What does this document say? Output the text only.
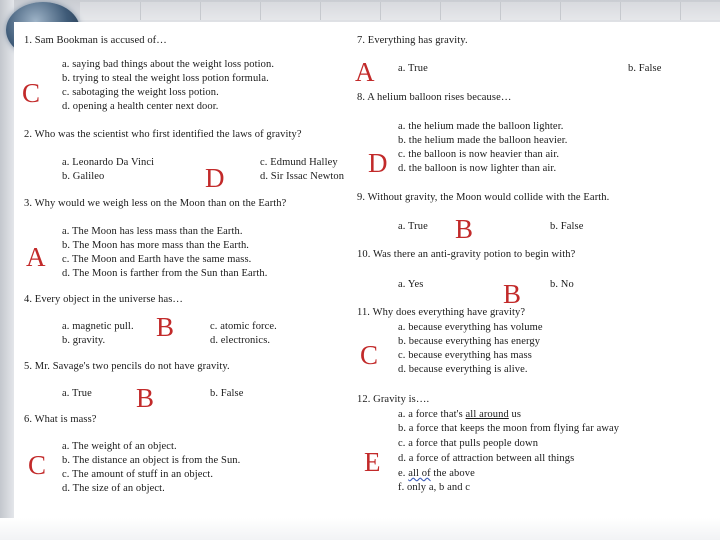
1. Sam Bookman is accused of…
a. saying bad things about the weight loss potion.
b. trying to steal the weight loss potion formula.
c. sabotaging the weight loss potion.
d. opening a health center next door.
C
2. Who was the scientist who first identified the laws of gravity?
a. Leonardo Da Vinci
b. Galileo
c. Edmund Halley
d. Sir Issac Newton
D
3. Why would we weigh less on the Moon than on the Earth?
a. The Moon has less mass than the Earth.
b. The Moon has more mass than the Earth.
c. The Moon and Earth have the same mass.
d. The Moon is farther from the Sun than Earth.
A
4. Every object in the universe has…
a. magnetic pull.
b. gravity.
c. atomic force.
d. electronics.
B
5. Mr. Savage's two pencils do not have gravity.
a. True	b. False
B
6. What is mass?
a. The weight of an object.
b. The distance an object is from the Sun.
c. The amount of stuff in an object.
d. The size of an object.
C
7. Everything has gravity.
a. True	b. False
A
8. A helium balloon rises because…
a. the helium made the balloon lighter.
b. the helium made the balloon heavier.
c. the balloon is now heavier than air.
d. the balloon is now lighter than air.
D
9. Without gravity, the Moon would collide with the Earth.
a. True	b. False
B
10. Was there an anti-gravity potion to begin with?
a. Yes	b. No
B
11. Why does everything have gravity?
a. because everything has volume
b. because everything has energy
c. because everything has mass
d. because everything is alive.
C
12. Gravity is….
a. a force that's all around us
b. a force that keeps the moon from flying far away
c. a force that pulls people down
d. a force of attraction between all things
e. all of the above
f. only a, b and c
E
